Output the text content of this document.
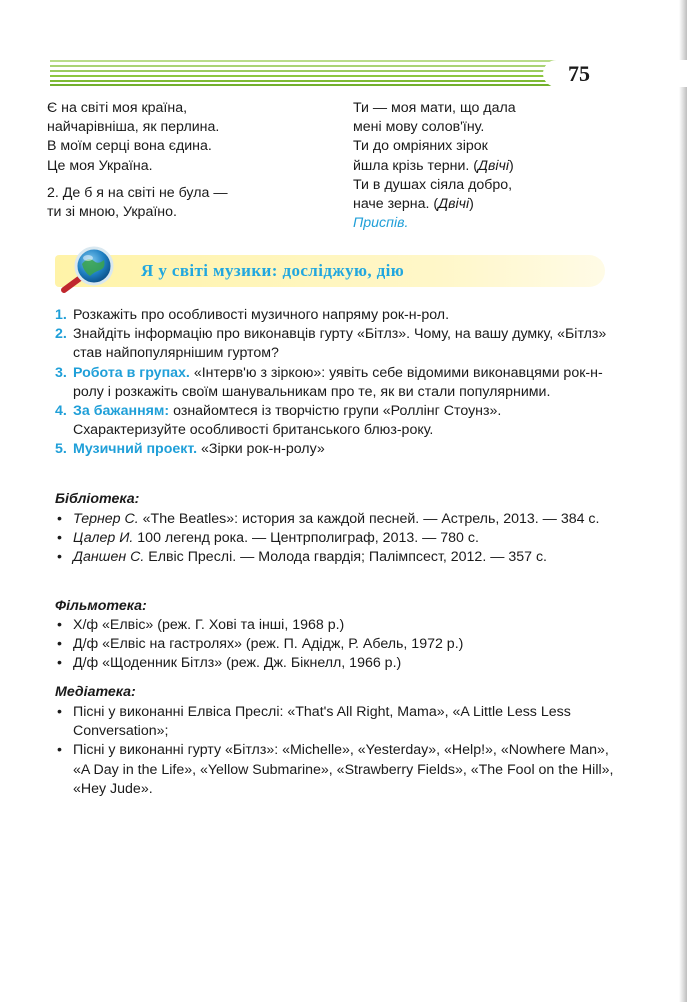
75
Є на світі моя країна,
найчарівніша, як перлина.
В моїм серці вона єдина.
Це моя Україна.
2. Де б я на світі не була —
ти зі мною, Україно.
Ти — моя мати, що дала
мені мову солов'їну.
Ти до омріяних зірок
йшла крізь терни. (Двічі)
Ти в душах сіяла добро,
наче зерна. (Двічі)
Приспів.
Я у світі музики: досліджую, дію
1. Розкажіть про особливості музичного напряму рок-н-рол.
2. Знайдіть інформацію про виконавців гурту «Бітлз». Чому, на вашу думку, «Бітлз» став найпопулярнішим гуртом?
3. Робота в групах. «Інтерв'ю з зіркою»: уявіть себе відомими виконавцями рок-н-ролу і розкажіть своїм шанувальникам про те, як ви стали популярними.
4. За бажанням: ознайомтеся із творчістю групи «Роллінг Стоунз». Схарактеризуйте особливості британського блюз-року.
5. Музичний проект. «Зірки рок-н-ролу»
Бібліотека:
• Тернер С. «The Beatles»: история за каждой песней. — Астрель, 2013. — 384 с.
• Цалер И. 100 легенд рока. — Центрполиграф, 2013. — 780 с.
• Даншен С. Елвіс Преслі. — Молода гвардія; Палімпсест, 2012. — 357 с.
Фільмотека:
• Х/ф «Елвіс» (реж. Г. Хові та інші, 1968 р.)
• Д/ф «Елвіс на гастролях» (реж. П. Адідж, Р. Абель, 1972 р.)
• Д/ф «Щоденник Бітлз» (реж. Дж. Бікнелл, 1966 р.)
Медіатека:
• Пісні у виконанні Елвіса Преслі: «That's All Right, Mama», «A Little Less Less Conversation»;
• Пісні у виконанні гурту «Бітлз»: «Michelle», «Yesterday», «Help!», «Nowhere Man», «A Day in the Life», «Yellow Submarine», «Strawberry Fields», «The Fool on the Hill», «Hey Jude».
